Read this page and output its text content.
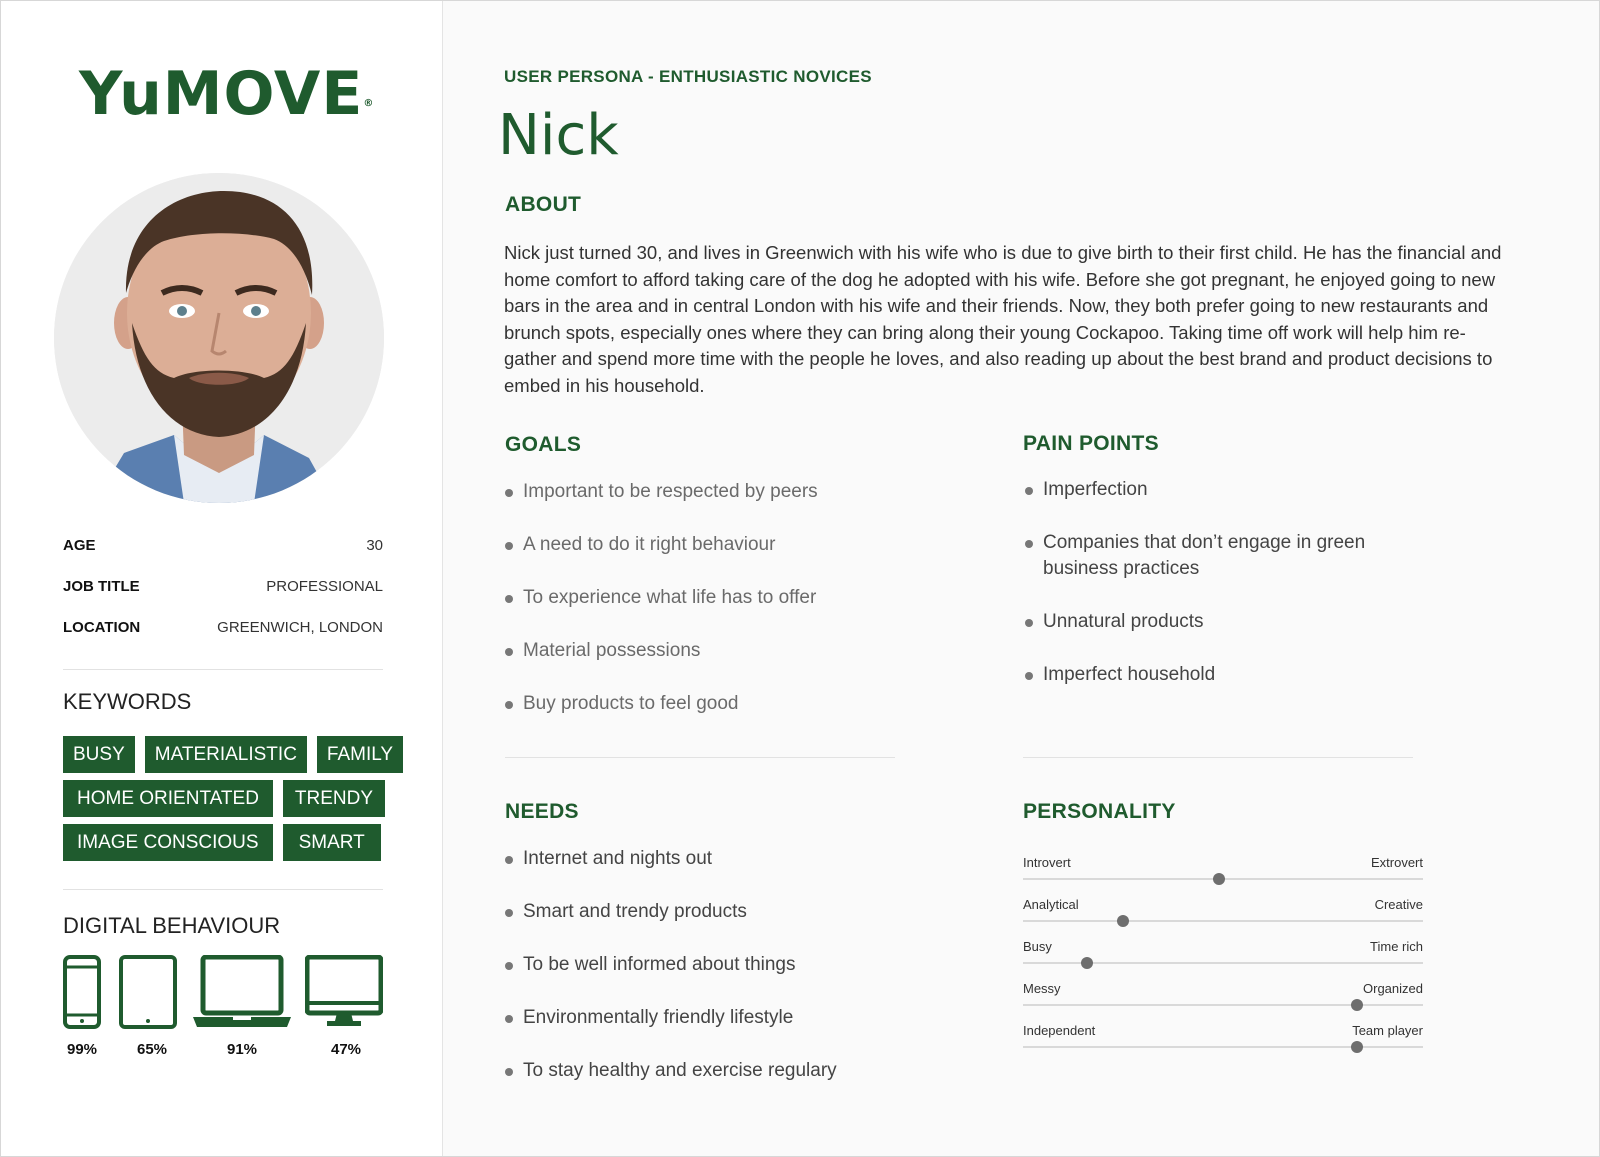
YuMOVE®
AGE	30
JOB TITLE	PROFESSIONAL
LOCATION	GREENWICH, LONDON
KEYWORDS
BUSY	MATERIALISTIC	FAMILY
HOME ORIENTATED	TRENDY
IMAGE CONSCIOUS	SMART
DIGITAL BEHAVIOUR
99%	65%	91%	47%
USER PERSONA - ENTHUSIASTIC NOVICES
Nick
ABOUT
Nick just turned 30, and lives in Greenwich with his wife who is due to give birth to their first child. He has the financial and home comfort to afford taking care of the dog he adopted with his wife. Before she got pregnant, he enjoyed going to new bars in the area and in central London with his wife and their friends. Now, they both prefer going to new restaurants and brunch spots, especially ones where they can bring along their young Cockapoo. Taking time off work will help him re-gather and spend more time with the people he loves, and also reading up about the best brand and product decisions to embed in his household.
GOALS
Important to be respected by peers
A need to do it right behaviour
To experience what life has to offer
Material possessions
Buy products to feel good
PAIN POINTS
Imperfection
Companies that don’t engage in green business practices
Unnatural products
Imperfect household
NEEDS
Internet and nights out
Smart and trendy products
To be well informed about things
Environmentally friendly lifestyle
To stay healthy and exercise regulary
PERSONALITY
Introvert	Extrovert
Analytical	Creative
Busy	Time rich
Messy	Organized
Independent	Team player
